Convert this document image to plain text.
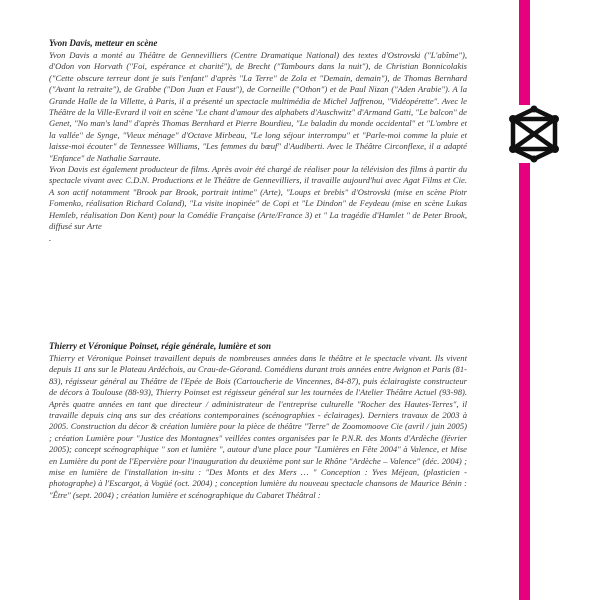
Yvon Davis, metteur en scène

Yvon Davis a monté au Théâtre de Gennevilliers (Centre Dramatique National) des textes d'Ostrovski ("L'abîme"), d'Odon von Horvath ("Foi, espérance et charité"), de Brecht ("Tambours dans la nuit"), de Christian Bonnicolakis ("Cette obscure terreur dont je suis l'enfant" d'après "La Terre" de Zola et "Demain, demain"), de Thomas Bernhard ("Avant la retraite"), de Grabbe ("Don Juan et Faust"), de Corneille ("Othon") et de Paul Nizan ("Aden Arabie"). A la Grande Halle de la Villette, à Paris, il a présenté un spectacle multimédia de Michel Jaffrenou, "Vidéopérette". Avec le Théâtre de la Ville-Evrard il voit en scène "Le chant d'amour des alphabets d'Auschwitz" d'Armand Gatti, "Le balcon" de Genet, "No man's land" d'après Thomas Bernhard et Pierre Bourdieu, "Le baladin du monde occidental" et "L'ombre et la vallée" de Synge, "Vieux ménage" d'Octave Mirbeau, "Le long séjour interrompu" et "Parle-moi comme la pluie et laisse-moi écouter" de Tennessee Williams, "Les femmes du bœuf" d'Audiberti. Avec le Théâtre Circonflexe, il a adapté "Enfance" de Nathalie Sarraute.

Yvon Davis est également producteur de films. Après avoir été chargé de réaliser pour la télévision des films à partir du spectacle vivant avec C.D.N. Productions et le Théâtre de Gennevilliers, il travaille aujourd'hui avec Agat Films et Cie. A son actif notamment "Brook par Brook, portrait intime" (Arte), "Loups et brebis" d'Ostrovski (mise en scène Piotr Fomenko, réalisation Richard Coland), "La visite inopinée" de Copi et "Le Dindon" de Feydeau (mise en scène Lukas Hemleb, réalisation Don Kent) pour la Comédie Française (Arte/France 3) et " La tragédie d'Hamlet " de Peter Brook, diffusé sur Arte

.

Thierry et Véronique Poinset, régie générale, lumière et son

Thierry et Véronique Poinset travaillent depuis de nombreuses années dans le théâtre et le spectacle vivant. Ils vivent depuis 11 ans sur le Plateau Ardéchois, au Crau-de-Géorand. Comédiens durant trois années entre Avignon et Paris (81-83), régisseur général au Théâtre de l'Epée de Bois (Cartoucherie de Vincennes, 84-87), puis éclairagiste constructeur de décors à Toulouse (88-93), Thierry Poinset est régisseur général sur les tournées de l'Atelier Théâtre Actuel (93-98). Après quatre années en tant que directeur / administrateur de l'entreprise culturelle "Rocher des Hautes-Terres", il travaille depuis cinq ans sur des créations contemporaines (scénographies - éclairages). Derniers travaux de 2003 à 2005. Construction du décor & création lumière pour la pièce de théâtre "Terre" de Zoomomoove Cie (avril / juin 2005) ; création Lumière pour "Justice des Montagnes" veillées contes organisées par le P.N.R. des Monts d'Ardèche (février 2005); concept scénographique " son et lumière ", autour d'une place pour "Lumières en Fête 2004" à Valence, et Mise en Lumière du pont de l'Epervière pour l'inauguration du deuxième pont sur le Rhône "Ardèche – Valence" (déc. 2004) ; mise en lumière de l'installation in-situ : "Des Monts et des Mers … " Conception : Yves Méjean, (plasticien - photographe) à l'Escargot, à Vogüé (oct. 2004) ; conception lumière du nouveau spectacle chansons de Maurice Bénin : "Être" (sept. 2004) ; création lumière et scénographique du Cabaret Théâtral :
